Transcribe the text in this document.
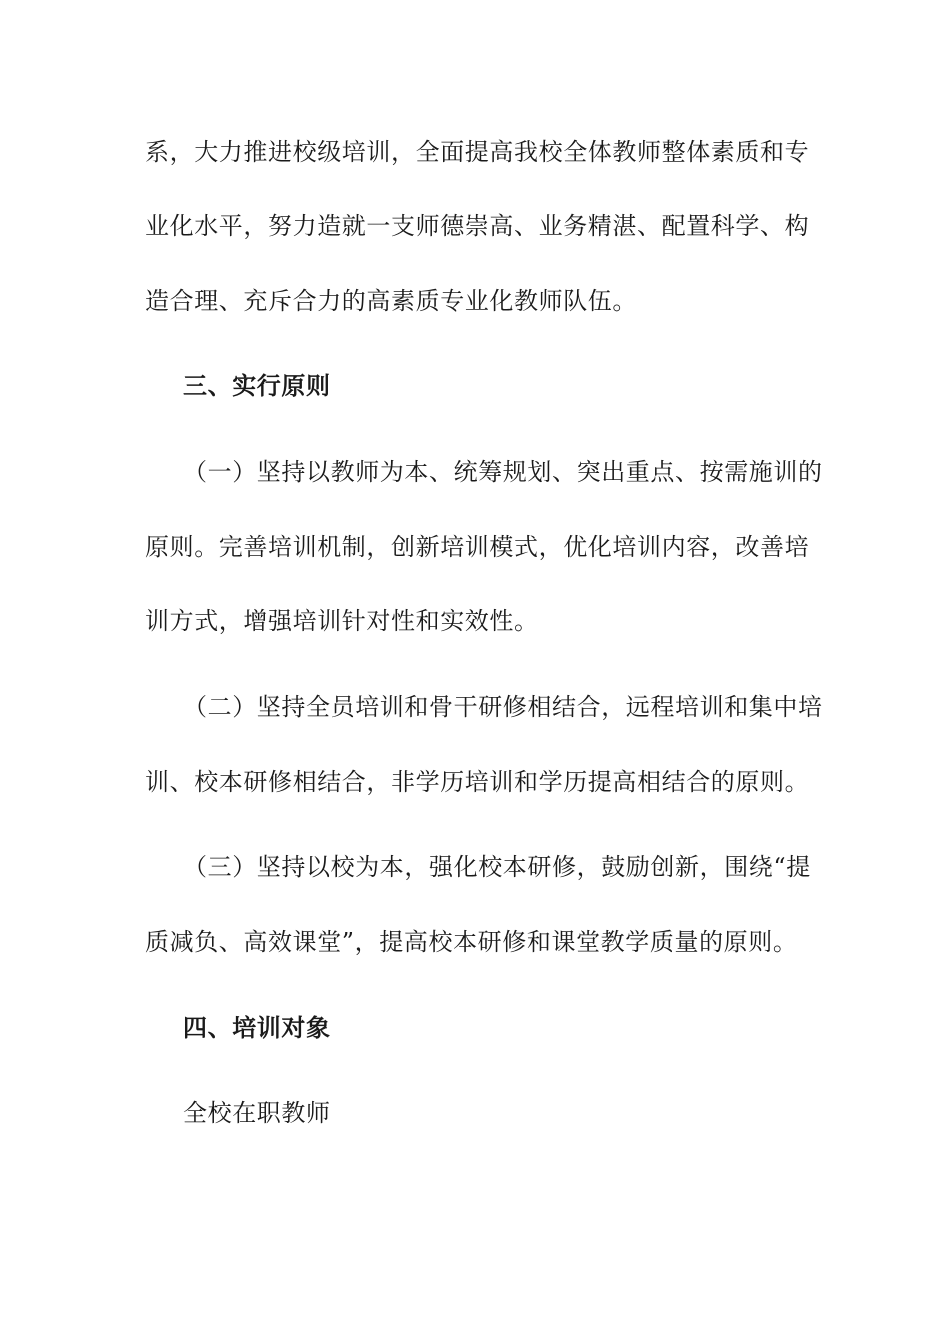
系，大力推进校级培训，全面提高我校全体教师整体素质和专
业化水平，努力造就一支师德崇高、业务精湛、配置科学、构
造合理、充斥合力的高素质专业化教师队伍。
三、实行原则
（一）坚持以教师为本、统筹规划、突出重点、按需施训的
原则。完善培训机制，创新培训模式，优化培训内容，改善培
训方式，增强培训针对性和实效性。
（二）坚持全员培训和骨干研修相结合，远程培训和集中培
训、校本研修相结合，非学历培训和学历提高相结合的原则。
（三）坚持以校为本，强化校本研修，鼓励创新，围绕“提
质减负、高效课堂”，提高校本研修和课堂教学质量的原则。
四、培训对象
全校在职教师
